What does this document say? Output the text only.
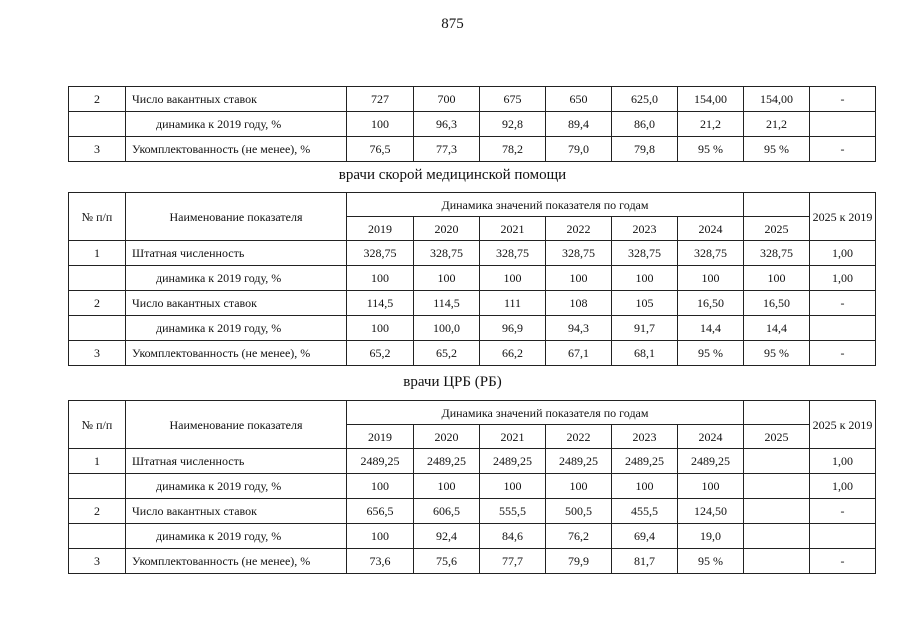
875
2	Число вакантных ставок	727	700	675	650	625,0	154,00	154,00	-
	динамика к 2019 году, %	100	96,3	92,8	89,4	86,0	21,2	21,2	
3	Укомплектованность (не менее), %	76,5	77,3	78,2	79,0	79,8	95 %	95 %	-
врачи скорой медицинской помощи
№ п/п	Наименование показателя	Динамика значений показателя по годам							2025 к 2019
		2019	2020	2021	2022	2023	2024	2025	
1	Штатная численность	328,75	328,75	328,75	328,75	328,75	328,75	328,75	1,00
	динамика к 2019 году, %	100	100	100	100	100	100	100	1,00
2	Число вакантных ставок	114,5	114,5	111	108	105	16,50	16,50	-
	динамика к 2019 году, %	100	100,0	96,9	94,3	91,7	14,4	14,4	
3	Укомплектованность (не менее), %	65,2	65,2	66,2	67,1	68,1	95 %	95 %	-
врачи ЦРБ (РБ)
№ п/п	Наименование показателя	Динамика значений показателя по годам							2025 к 2019
		2019	2020	2021	2022	2023	2024	2025	
1	Штатная численность	2489,25	2489,25	2489,25	2489,25	2489,25	2489,25		1,00
	динамика к 2019 году, %	100	100	100	100	100	100		1,00
2	Число вакантных ставок	656,5	606,5	555,5	500,5	455,5	124,50		-
	динамика к 2019 году, %	100	92,4	84,6	76,2	69,4	19,0		
3	Укомплектованность (не менее), %	73,6	75,6	77,7	79,9	81,7	95 %		-
